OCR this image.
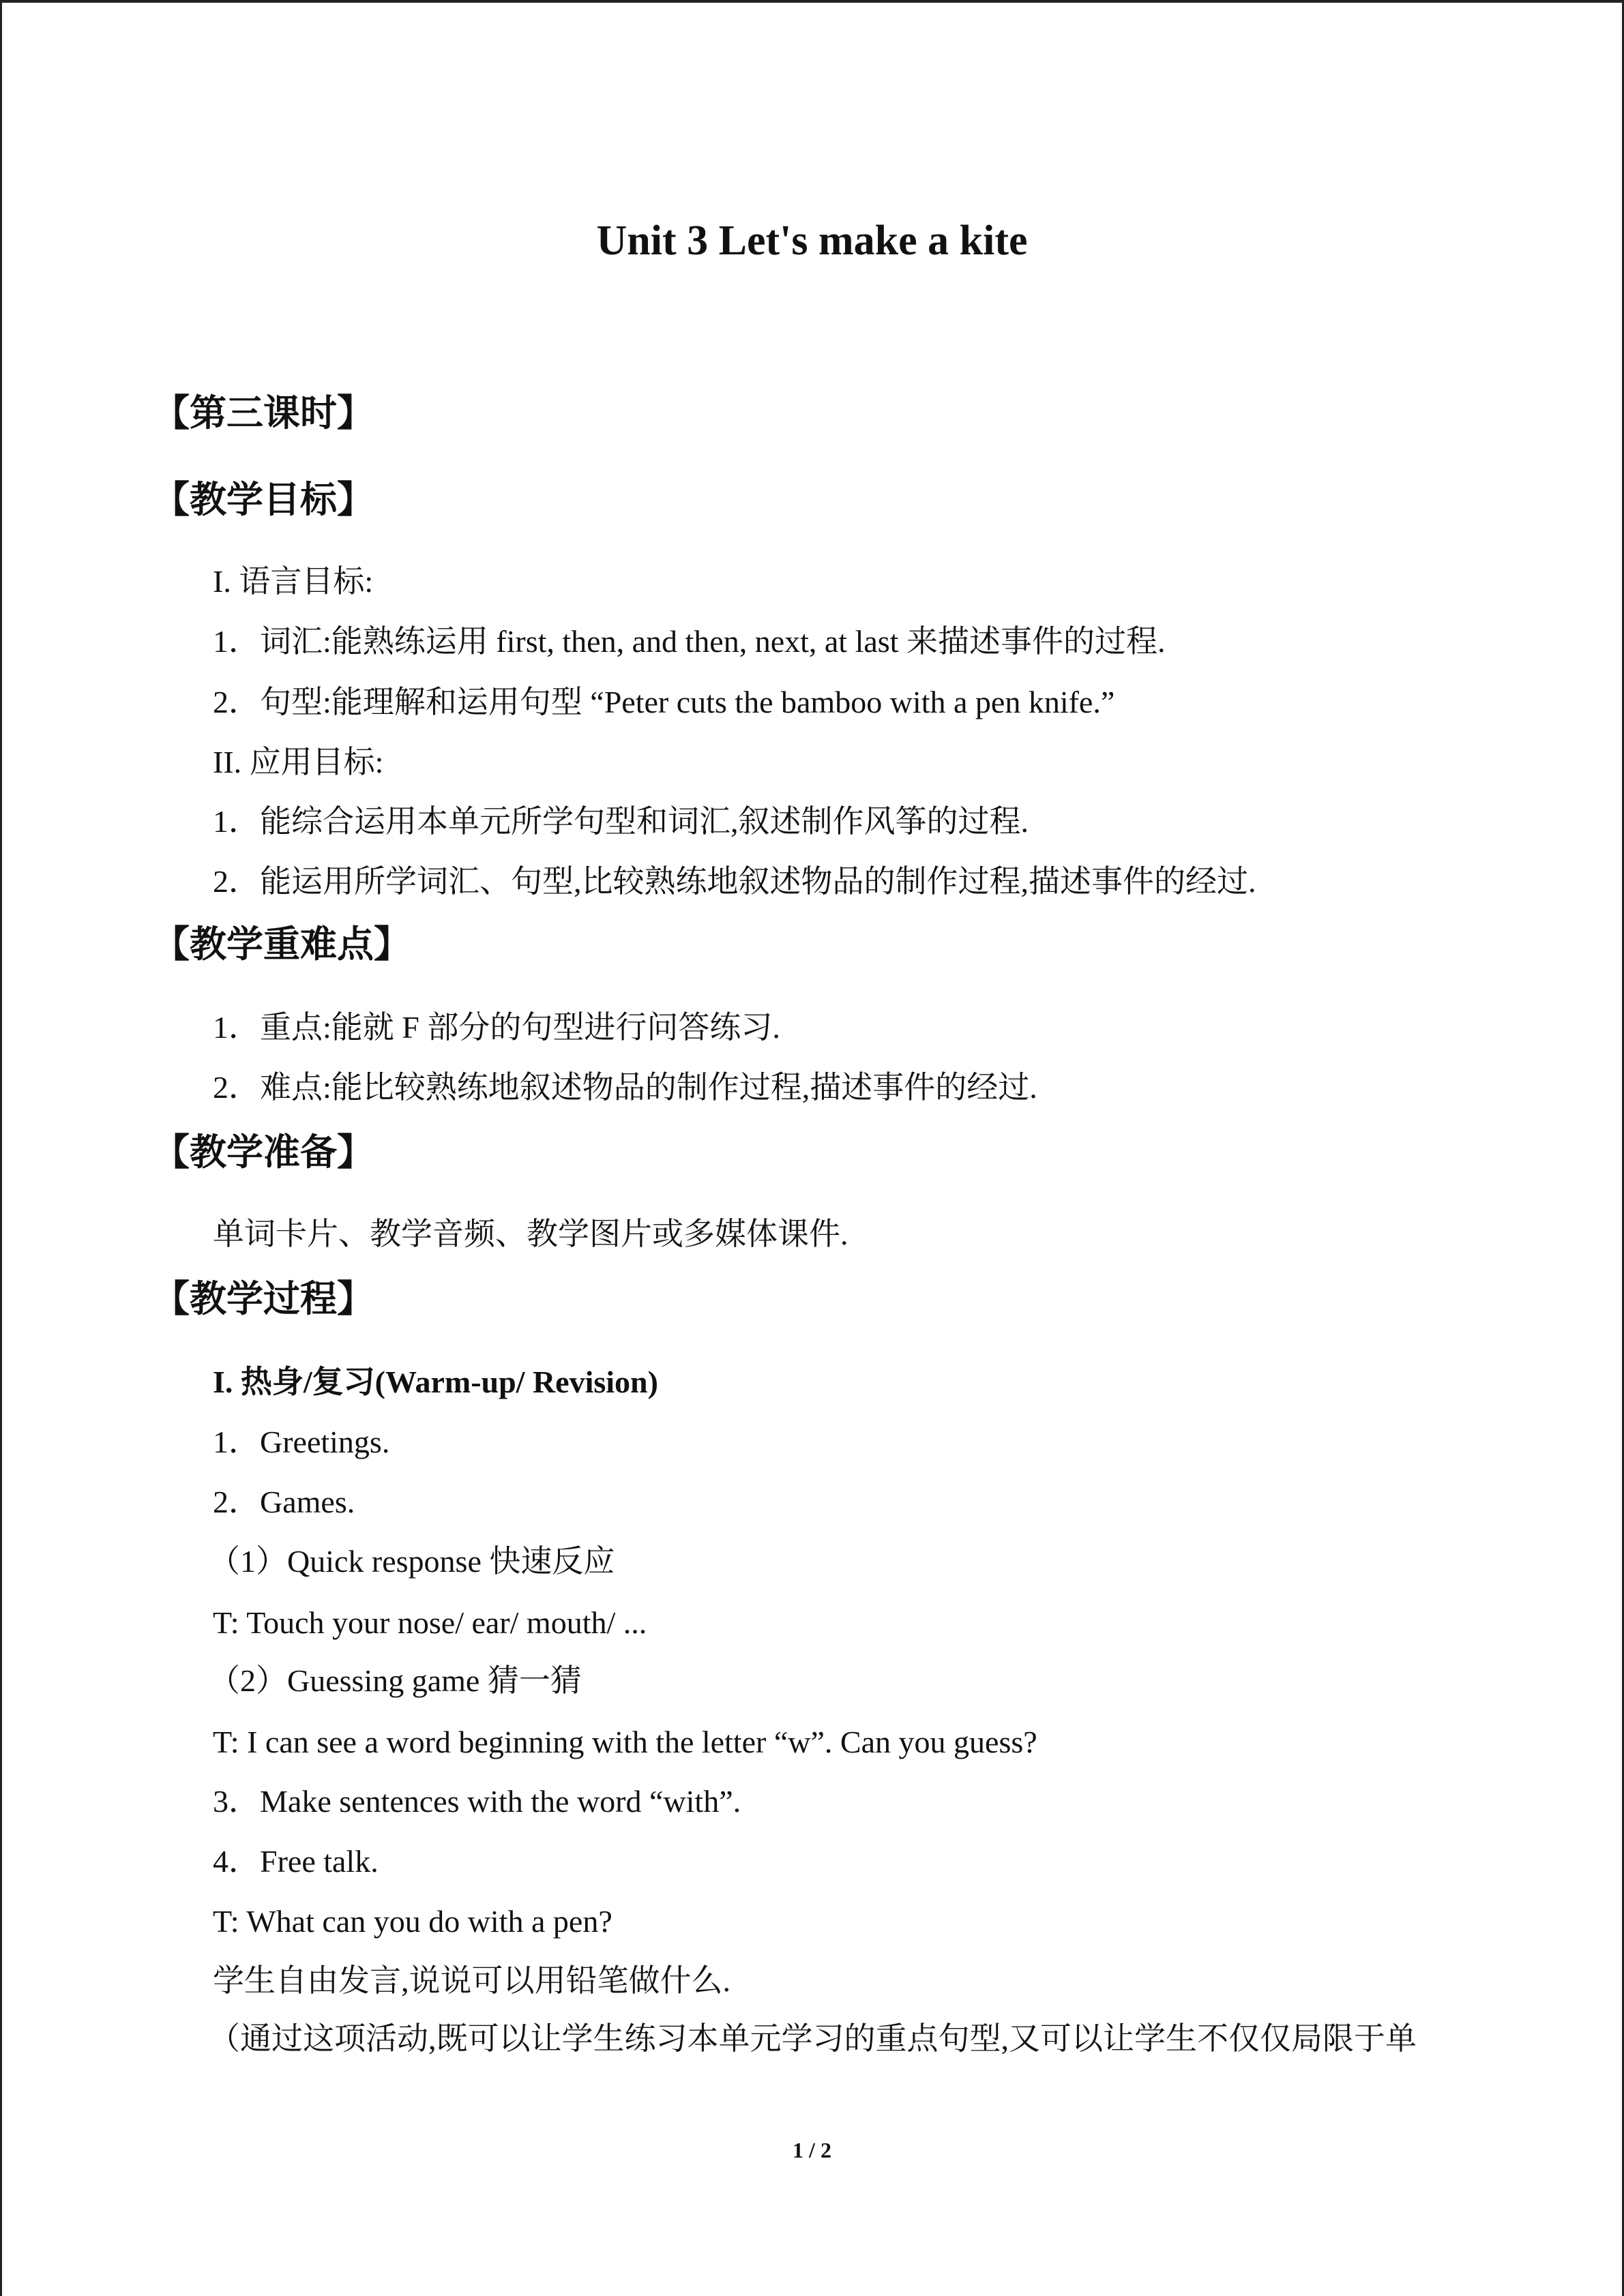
Unit 3 Let's make a kite
【第三课时】
【教学目标】
I. 语言目标:
1．词汇:能熟练运用 first, then, and then, next, at last 来描述事件的过程.
2．句型:能理解和运用句型 “Peter cuts the bamboo with a pen knife.”
II. 应用目标:
1．能综合运用本单元所学句型和词汇,叙述制作风筝的过程.
2．能运用所学词汇、句型,比较熟练地叙述物品的制作过程,描述事件的经过.
【教学重难点】
1．重点:能就 F 部分的句型进行问答练习.
2．难点:能比较熟练地叙述物品的制作过程,描述事件的经过.
【教学准备】
单词卡片、教学音频、教学图片或多媒体课件.
【教学过程】
I. 热身/复习(Warm-up/ Revision)
1．Greetings.
2．Games.
（1）Quick response 快速反应
T: Touch your nose/ ear/ mouth/ ...
（2）Guessing game 猜一猜
T: I can see a word beginning with the letter “w”. Can you guess?
3．Make sentences with the word “with”.
4．Free talk.
T: What can you do with a pen?
学生自由发言,说说可以用铅笔做什么.
（通过这项活动,既可以让学生练习本单元学习的重点句型,又可以让学生不仅仅局限于单
1 / 2
